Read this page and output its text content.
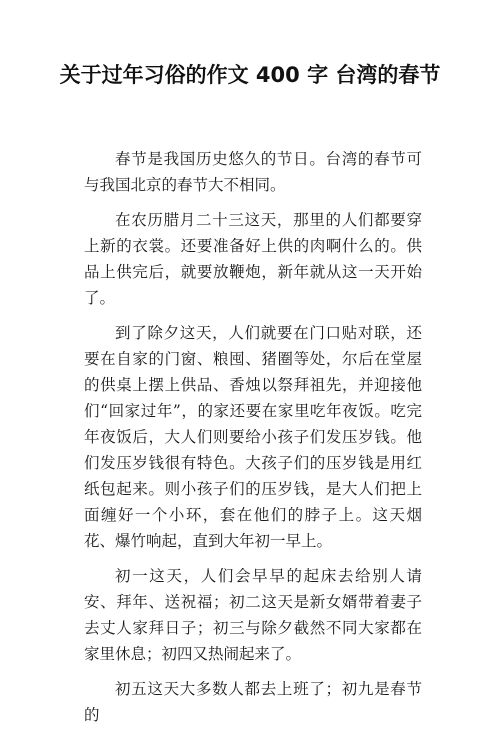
关于过年习俗的作文 400 字 台湾的春节

春节是我国历史悠久的节日。台湾的春节可与我国北京的春节大不相同。

在农历腊月二十三这天，那里的人们都要穿上新的衣裳。还要准备好上供的肉啊什么的。供品上供完后，就要放鞭炮，新年就从这一天开始了。

到了除夕这天，人们就要在门口贴对联，还要在自家的门窗、粮囤、猪圈等处，尔后在堂屋的供桌上摆上供品、香烛以祭拜祖先，并迎接他们“回家过年”，的家还要在家里吃年夜饭。吃完年夜饭后，大人们则要给小孩子们发压岁钱。他们发压岁钱很有特色。大孩子们的压岁钱是用红纸包起来。则小孩子们的压岁钱，是大人们把上面缠好一个小环，套在他们的脖子上。这天烟花、爆竹响起，直到大年初一早上。

初一这天，人们会早早的起床去给别人请安、拜年、送祝福；初二这天是新女婿带着妻子去丈人家拜日子；初三与除夕截然不同大家都在家里休息；初四又热闹起来了。

初五这天大多数人都去上班了；初九是春节的
